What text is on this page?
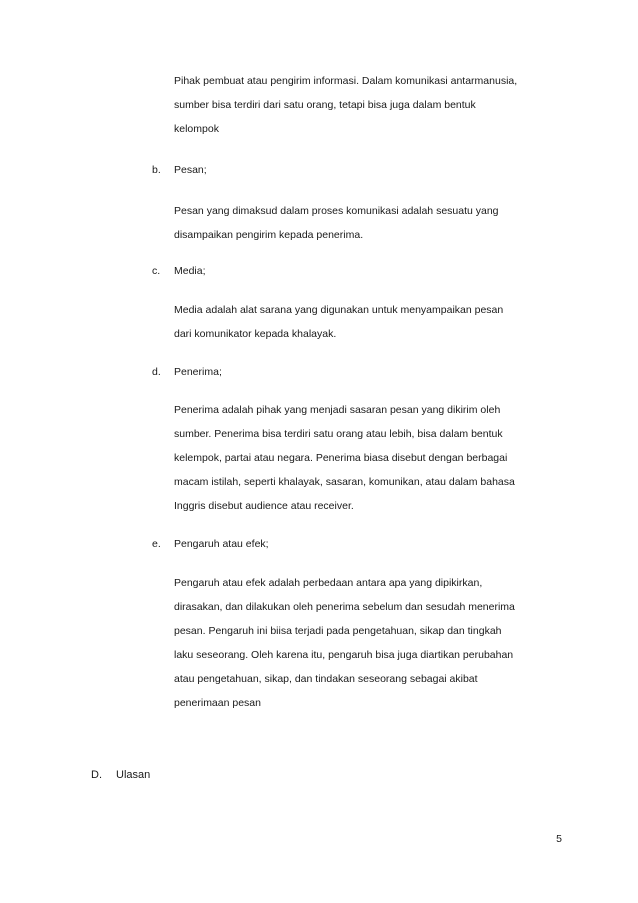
Pihak pembuat atau pengirim informasi. Dalam komunikasi antarmanusia,
sumber bisa terdiri dari satu orang, tetapi bisa juga dalam bentuk
kelompok
b. Pesan;
Pesan yang dimaksud dalam proses komunikasi adalah sesuatu yang
disampaikan pengirim kepada penerima.
c. Media;
Media adalah alat sarana yang digunakan untuk menyampaikan pesan
dari komunikator kepada khalayak.
d. Penerima;
Penerima adalah pihak yang menjadi sasaran pesan yang dikirim oleh
sumber. Penerima bisa terdiri satu orang atau lebih, bisa dalam bentuk
kelempok, partai atau negara. Penerima biasa disebut dengan berbagai
macam istilah, seperti khalayak, sasaran, komunikan, atau dalam bahasa
Inggris disebut audience atau receiver.
e. Pengaruh atau efek;
Pengaruh atau efek adalah perbedaan antara apa yang dipikirkan,
dirasakan, dan dilakukan oleh penerima sebelum dan sesudah menerima
pesan. Pengaruh ini biisa terjadi pada pengetahuan, sikap dan tingkah
laku seseorang. Oleh karena itu, pengaruh bisa juga diartikan perubahan
atau pengetahuan, sikap, dan tindakan seseorang sebagai akibat
penerimaan pesan
D. Ulasan
5
